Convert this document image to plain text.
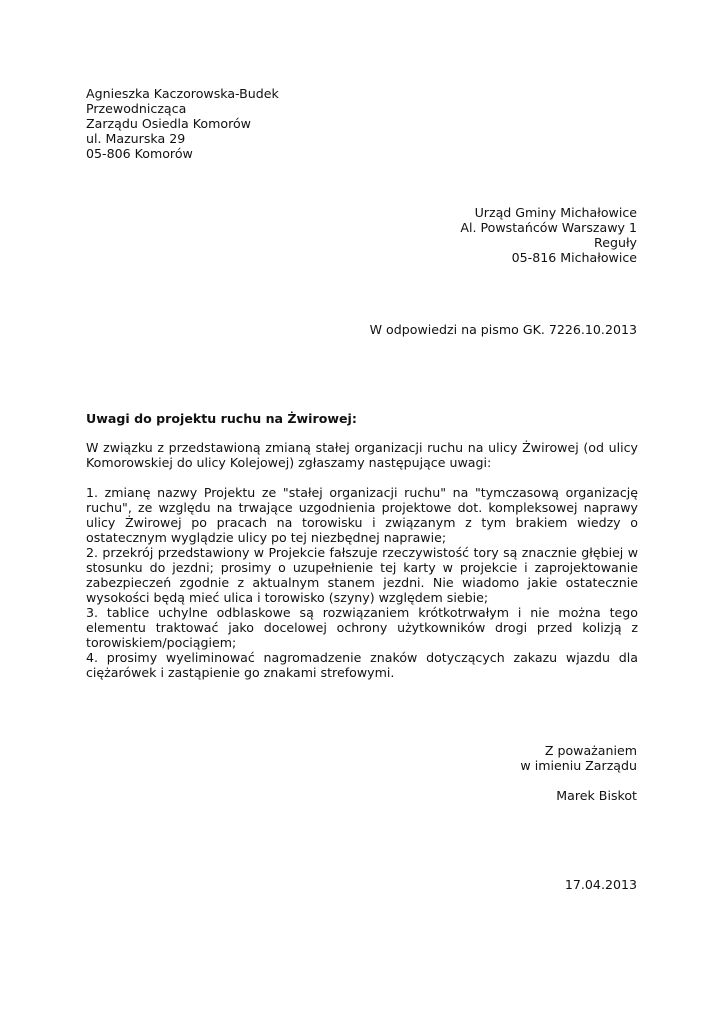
Agnieszka Kaczorowska-Budek
Przewodnicząca
Zarządu Osiedla Komorów
ul. Mazurska 29
05-806 Komorów
Urząd Gminy Michałowice
Al. Powstańców Warszawy 1
Reguły
05-816 Michałowice
W odpowiedzi na pismo GK. 7226.10.2013
Uwagi do projektu ruchu na Żwirowej:

W związku z przedstawioną zmianą stałej organizacji ruchu na ulicy Żwirowej (od ulicy Komorowskiej do ulicy Kolejowej) zgłaszamy następujące uwagi:

1. zmianę nazwy Projektu ze "stałej organizacji ruchu" na "tymczasową organizację ruchu", ze względu na trwające uzgodnienia projektowe dot. kompleksowej naprawy ulicy Żwirowej po pracach na torowisku i związanym z tym brakiem wiedzy o ostatecznym wyglądzie ulicy po tej niezbędnej naprawie;

2. przekrój przedstawiony w Projekcie fałszuje rzeczywistość tory są znacznie głębiej w stosunku do jezdni; prosimy o uzupełnienie tej karty w projekcie i zaprojektowanie zabezpieczeń zgodnie z aktualnym stanem jezdni. Nie wiadomo jakie ostatecznie wysokości będą mieć ulica i torowisko (szyny) względem siebie;

3. tablice uchylne odblaskowe są rozwiązaniem krótkotrwałym i nie można tego elementu traktować jako docelowej ochrony użytkowników drogi przed kolizją z torowiskiem/pociągiem;

4. prosimy wyeliminować nagromadzenie znaków dotyczących zakazu wjazdu dla ciężarówek i zastąpienie go znakami strefowymi.

Z poważaniem
w imieniu Zarządu
Marek Biskot
17.04.2013
